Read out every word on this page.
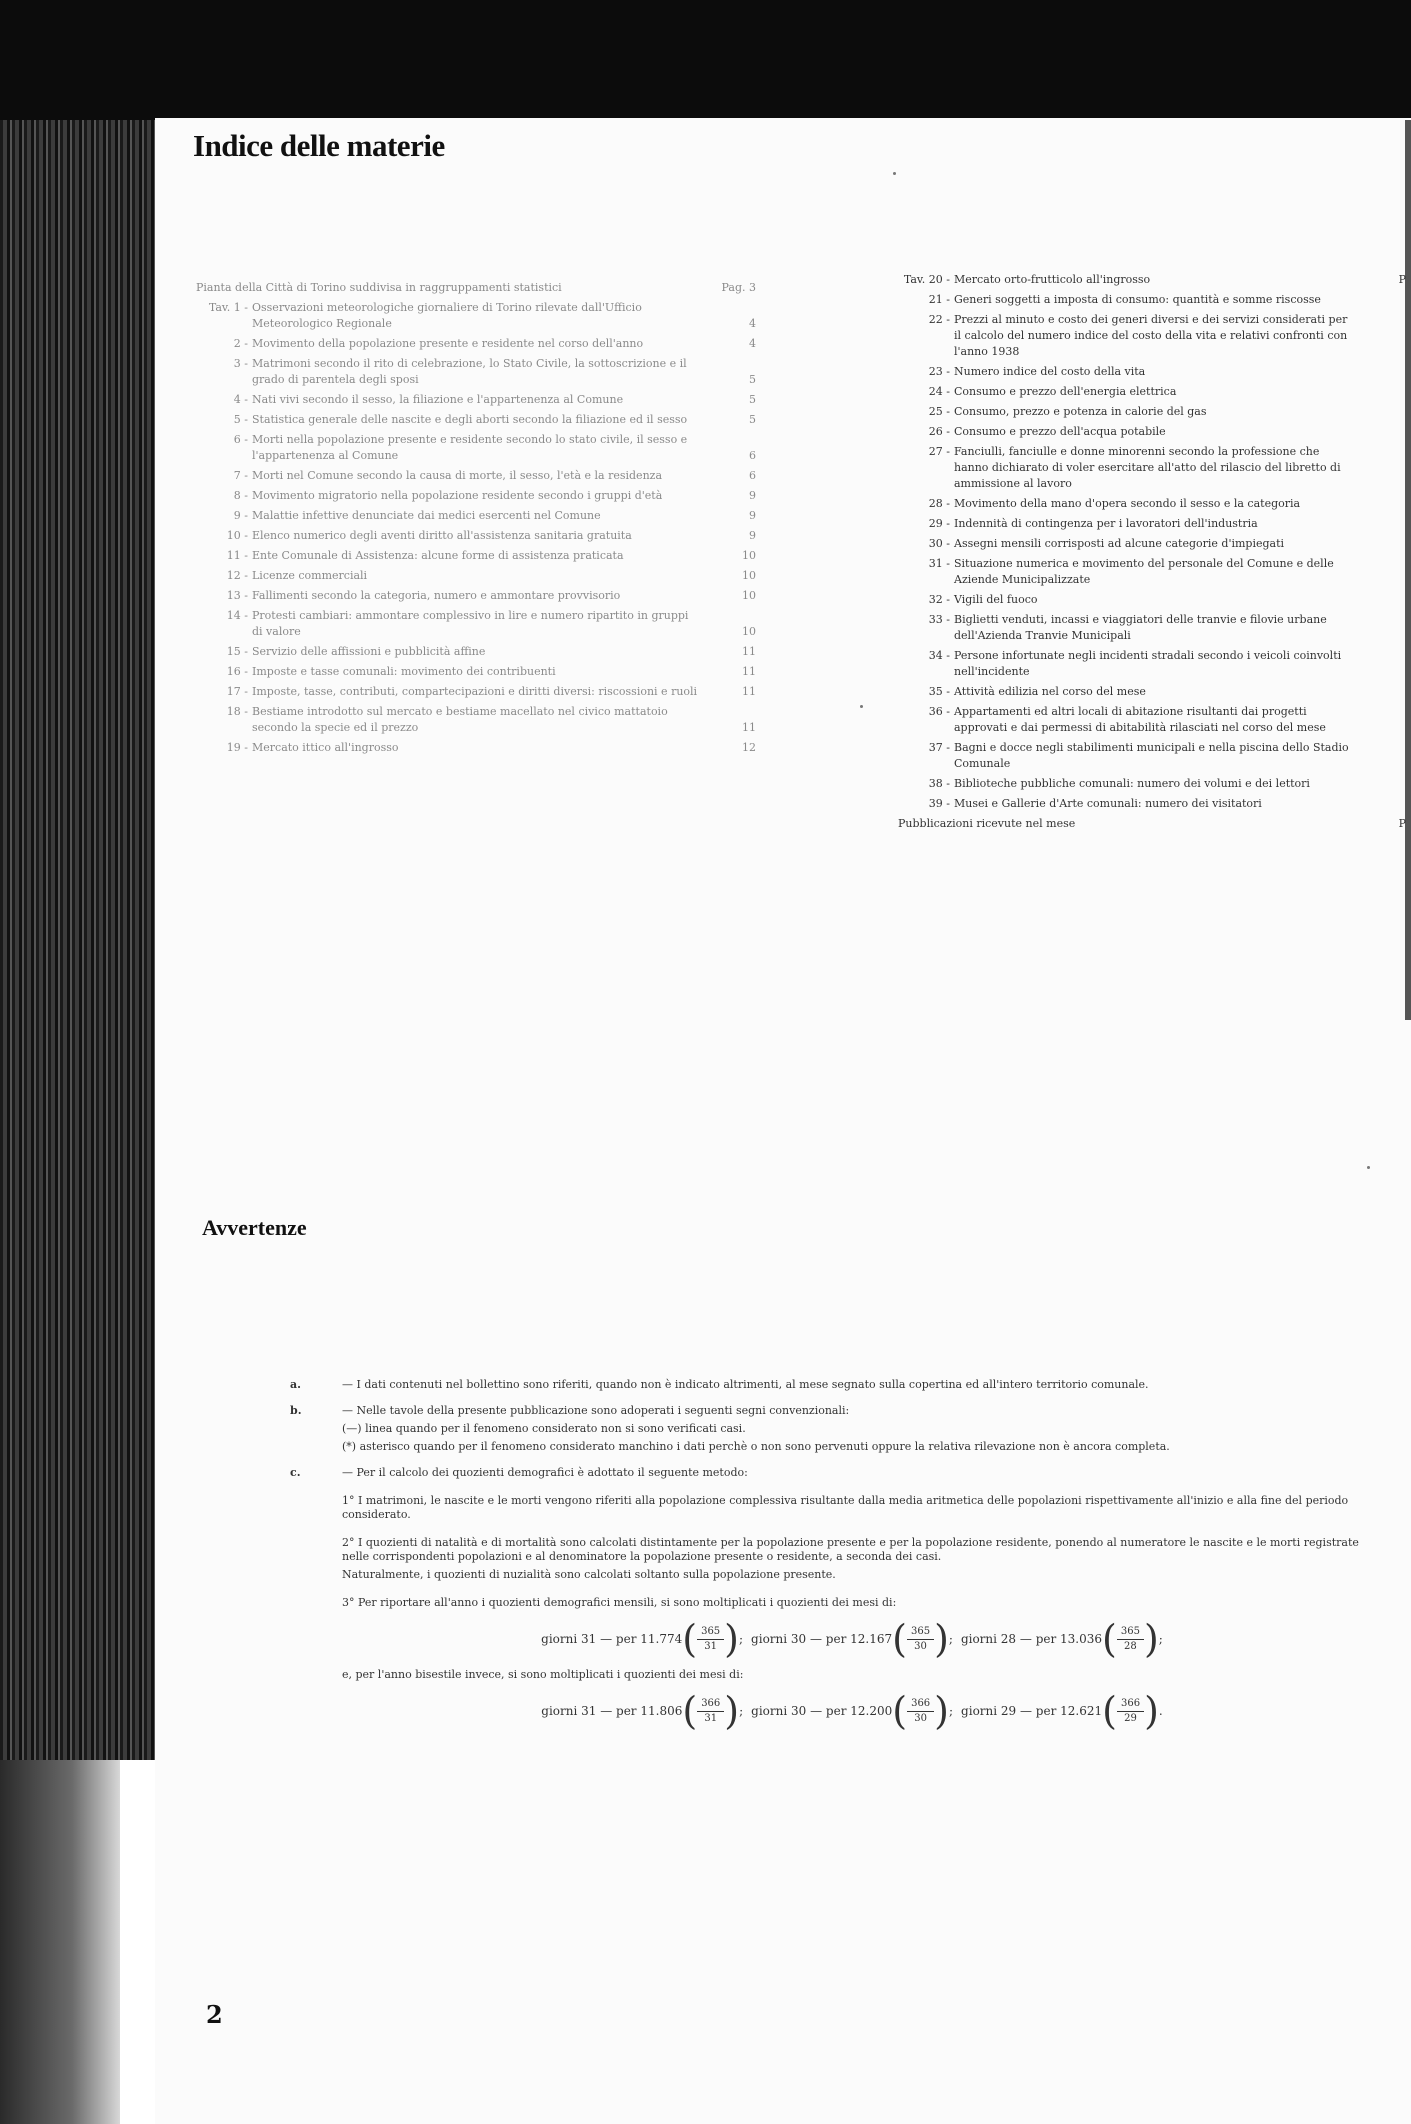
Indice delle materie
Pianta della Città di Torino suddivisa in raggruppamenti statistici	Pag. 3
Tav. 1 - Osservazioni meteorologiche giornaliere di Torino rilevate dall'Ufficio Meteorologico Regionale	4
2 - Movimento della popolazione presente e residente nel corso dell'anno	4
3 - Matrimoni secondo il rito di celebrazione, lo Stato Civile, la sottoscrizione e il grado di parentela degli sposi	5
4 - Nati vivi secondo il sesso, la filiazione e l'appartenenza al Comune	5
5 - Statistica generale delle nascite e degli aborti secondo la filiazione ed il sesso	5
6 - Morti nella popolazione presente e residente secondo lo stato civile, il sesso e l'appartenenza al Comune	6
7 - Morti nel Comune secondo la causa di morte, il sesso, l'età e la residenza	6
8 - Movimento migratorio nella popolazione residente secondo i gruppi d'età	9
9 - Malattie infettive denunciate dai medici esercenti nel Comune	9
10 - Elenco numerico degli aventi diritto all'assistenza sanitaria gratuita	9
11 - Ente Comunale di Assistenza: alcune forme di assistenza praticata	10
12 - Licenze commerciali	10
13 - Fallimenti secondo la categoria, numero e ammontare provvisorio	10
14 - Protesti cambiari: ammontare complessivo in lire e numero ripartito in gruppi di valore	10
15 - Servizio delle affissioni e pubblicità affine	11
16 - Imposte e tasse comunali: movimento dei contribuenti	11
17 - Imposte, tasse, contributi, compartecipazioni e diritti diversi: riscossioni e ruoli	11
18 - Bestiame introdotto sul mercato e bestiame macellato nel civico mattatoio secondo la specie ed il prezzo	11
19 - Mercato ittico all'ingrosso	12
Tav. 20 - Mercato orto-frutticolo all'ingrosso	P
21 - Generi soggetti a imposta di consumo: quantità e somme riscosse
22 - Prezzi al minuto e costo dei generi diversi e dei servizi considerati per il calcolo del numero indice del costo della vita e relativi confronti con l'anno 1938
23 - Numero indice del costo della vita
24 - Consumo e prezzo dell'energia elettrica
25 - Consumo, prezzo e potenza in calorie del gas
26 - Consumo e prezzo dell'acqua potabile
27 - Fanciulli, fanciulle e donne minorenni secondo la professione che hanno dichiarato di voler esercitare all'atto del rilascio del libretto di ammissione al lavoro
28 - Movimento della mano d'opera secondo il sesso e la categoria
29 - Indennità di contingenza per i lavoratori dell'industria
30 - Assegni mensili corrisposti ad alcune categorie d'impiegati
31 - Situazione numerica e movimento del personale del Comune e delle Aziende Municipalizzate
32 - Vigili del fuoco
33 - Biglietti venduti, incassi e viaggiatori delle tranvie e filovie urbane dell'Azienda Tranvie Municipali
34 - Persone infortunate negli incidenti stradali secondo i veicoli coinvolti nell'incidente
35 - Attività edilizia nel corso del mese
36 - Appartamenti ed altri locali di abitazione risultanti dai progetti approvati e dai permessi di abitabilità rilasciati nel corso del mese
37 - Bagni e docce negli stabilimenti municipali e nella piscina dello Stadio Comunale
38 - Biblioteche pubbliche comunali: numero dei volumi e dei lettori
39 - Musei e Gallerie d'Arte comunali: numero dei visitatori
Pubblicazioni ricevute nel mese	P
Avvertenze
a.	— I dati contenuti nel bollettino sono riferiti, quando non è indicato altrimenti, al mese segnato sulla copertina ed all'intero territorio comunale.
b.	— Nelle tavole della presente pubblicazione sono adoperati i seguenti segni convenzionali:
(—) linea quando per il fenomeno considerato non si sono verificati casi.
(*) asterisco quando per il fenomeno considerato manchino i dati perchè o non sono pervenuti oppure la relativa rilevazione non è ancora completa.
c.	— Per il calcolo dei quozienti demografici è adottato il seguente metodo:
1° I matrimoni, le nascite e le morti vengono riferiti alla popolazione complessiva risultante dalla media aritmetica delle popolazioni rispettivamente all'inizio e alla fine del periodo considerato.
2° I quozienti di natalità e di mortalità sono calcolati distintamente per la popolazione presente e per la popolazione residente, ponendo al numeratore le nascite e le morti registrate nelle corrispondenti popolazioni e al denominatore la popolazione presente o residente, a seconda dei casi.
Naturalmente, i quozienti di nuzialità sono calcolati soltanto sulla popolazione presente.
3° Per riportare all'anno i quozienti demografici mensili, si sono moltiplicati i quozienti dei mesi di:
giorni 31 — per 11.774 ( $\frac{365}{31}$ ) ; giorni 30 — per 12.167 ( $\frac{365}{30}$ ) ; giorni 28 — per 13.036 ( $\frac{365}{28}$ ) ;
e, per l'anno bisestile invece, si sono moltiplicati i quozienti dei mesi di:
giorni 31 — per 11.806 ( $\frac{366}{31}$ ) ; giorni 30 — per 12.200 ( $\frac{366}{30}$ ) ; giorni 29 — per 12.621 ( $\frac{366}{29}$ ) .
2
